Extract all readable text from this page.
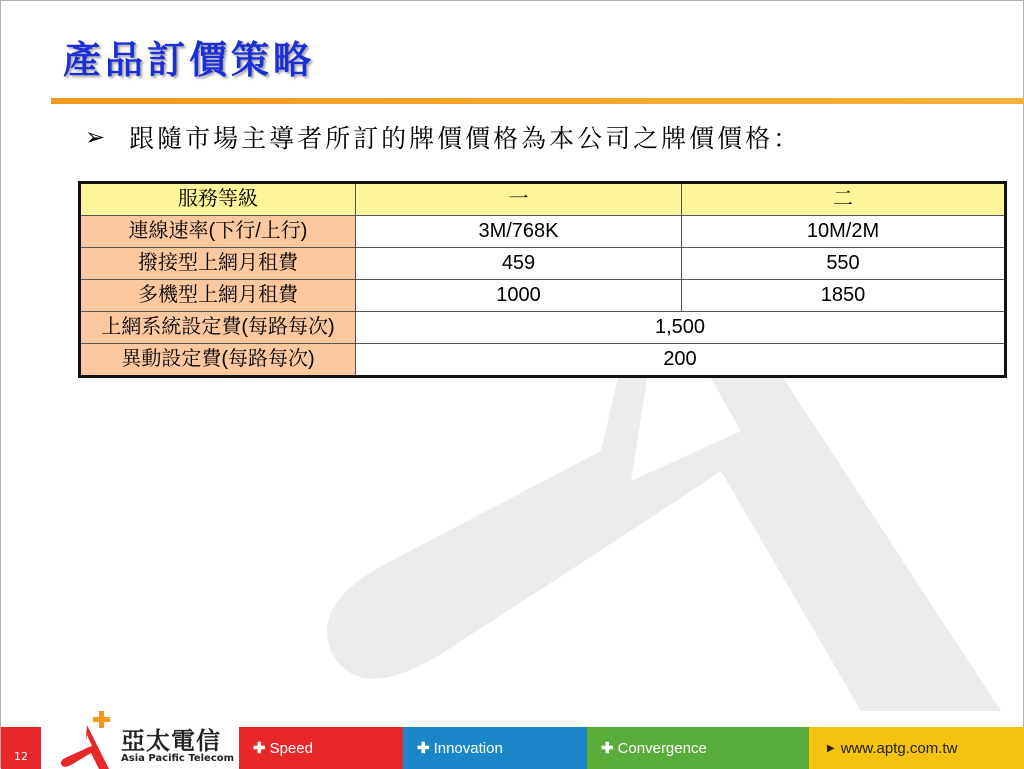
產品訂價策略
➢ 跟隨市場主導者所訂的牌價價格為本公司之牌價價格：
服務等級	一	二
連線速率(下行/上行)	3M/768K	10M/2M
撥接型上網月租費	459	550
多機型上網月租費	1000	1850
上網系統設定費(每路每次)	1,500	
異動設定費(每路每次)	200	
12
亞太電信
Asia Pacific Telecom
✚ Speed	✚ Innovation	✚ Convergence	▶ www.aptg.com.tw
